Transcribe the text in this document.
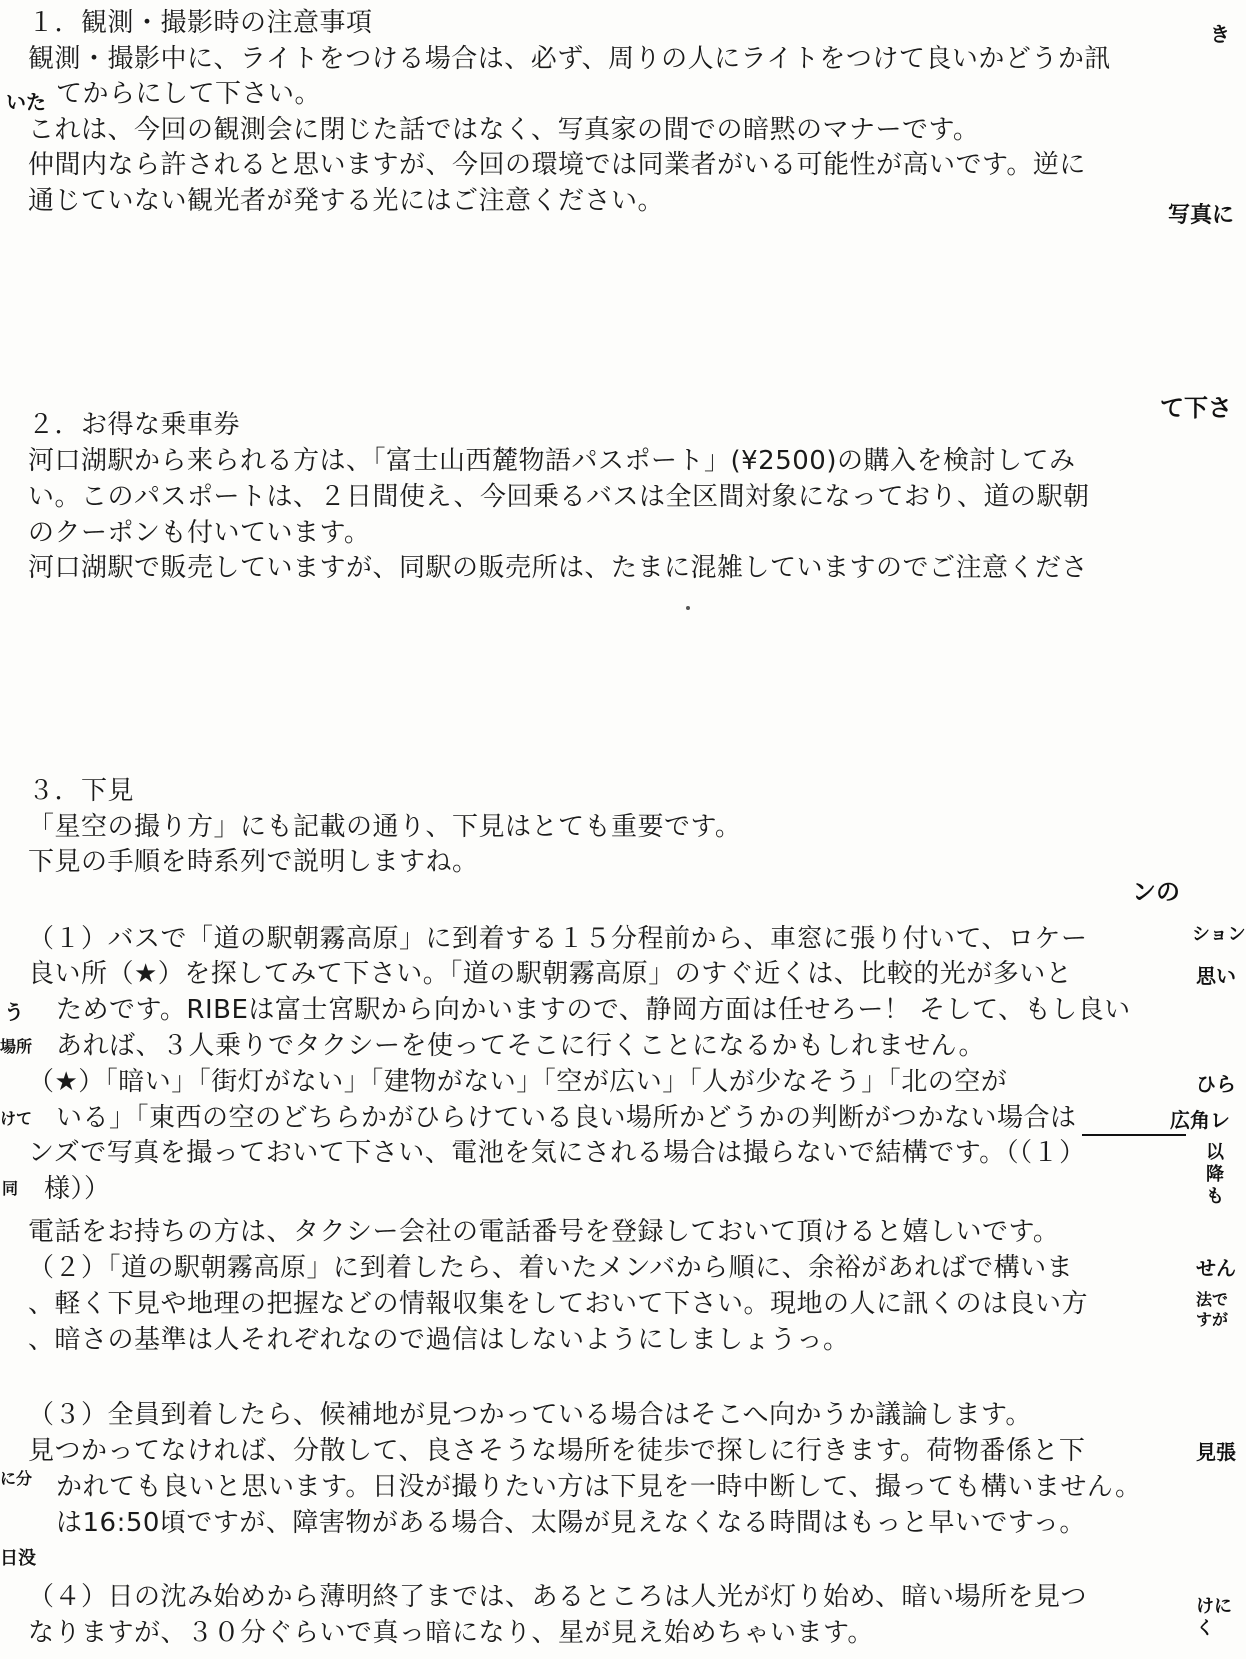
１．観測・撮影時の注意事項
観測・撮影中に、ライトをつける場合は、必ず、周りの人にライトをつけて良いかどうか訊
てからにして下さい。
これは、今回の観測会に閉じた話ではなく、写真家の間での暗黙のマナーです。
仲間内なら許されると思いますが、今回の環境では同業者がいる可能性が高いです。逆に
通じていない観光者が発する光にはご注意ください。
２．お得な乗車券
河口湖駅から来られる方は、「富士山西麓物語パスポート」(¥2500)の購入を検討してみ
い。このパスポートは、２日間使え、今回乗るバスは全区間対象になっており、道の駅朝
のクーポンも付いています。
河口湖駅で販売していますが、同駅の販売所は、たまに混雑していますのでご注意くださ
３．下見
「星空の撮り方」にも記載の通り、下見はとても重要です。
下見の手順を時系列で説明しますね。
（１）バスで「道の駅朝霧高原」に到着する１５分程前から、車窓に張り付いて、ロケー
良い所（★）を探してみて下さい。「道の駅朝霧高原」のすぐ近くは、比較的光が多いと
ためです。RIBEは富士宮駅から向かいますので、静岡方面は任せろー！ そして、もし良い
あれば、３人乗りでタクシーを使ってそこに行くことになるかもしれません。
（★）「暗い」「街灯がない」「建物がない」「空が広い」「人が少なそう」「北の空が
いる」「東西の空のどちらかがひらけている良い場所かどうかの判断がつかない場合は
ンズで写真を撮っておいて下さい、電池を気にされる場合は撮らないで結構です。（（１）
様））
電話をお持ちの方は、タクシー会社の電話番号を登録しておいて頂けると嬉しいです。
（２）「道の駅朝霧高原」に到着したら、着いたメンバから順に、余裕があればで構いま
、軽く下見や地理の把握などの情報収集をしておいて下さい。現地の人に訊くのは良い方
、暗さの基準は人それぞれなので過信はしないようにしましょうっ。
（３）全員到着したら、候補地が見つかっている場合はそこへ向かうか議論します。
見つかってなければ、分散して、良さそうな場所を徒歩で探しに行きます。荷物番係と下
かれても良いと思います。日没が撮りたい方は下見を一時中断して、撮っても構いません。
は16:50頃ですが、障害物がある場合、太陽が見えなくなる時間はもっと早いですっ。
（４）日の沈み始めから薄明終了までは、あるところは人光が灯り始め、暗い場所を見つ
なりますが、３０分ぐらいで真っ暗になり、星が見え始めちゃいます。
き
いた
写真に
て下さ
ンの
ション
思い
う
場所
ひら
けて	広角レ
以降も
同
せん
法ですが
見張
に分
日没
けにく
